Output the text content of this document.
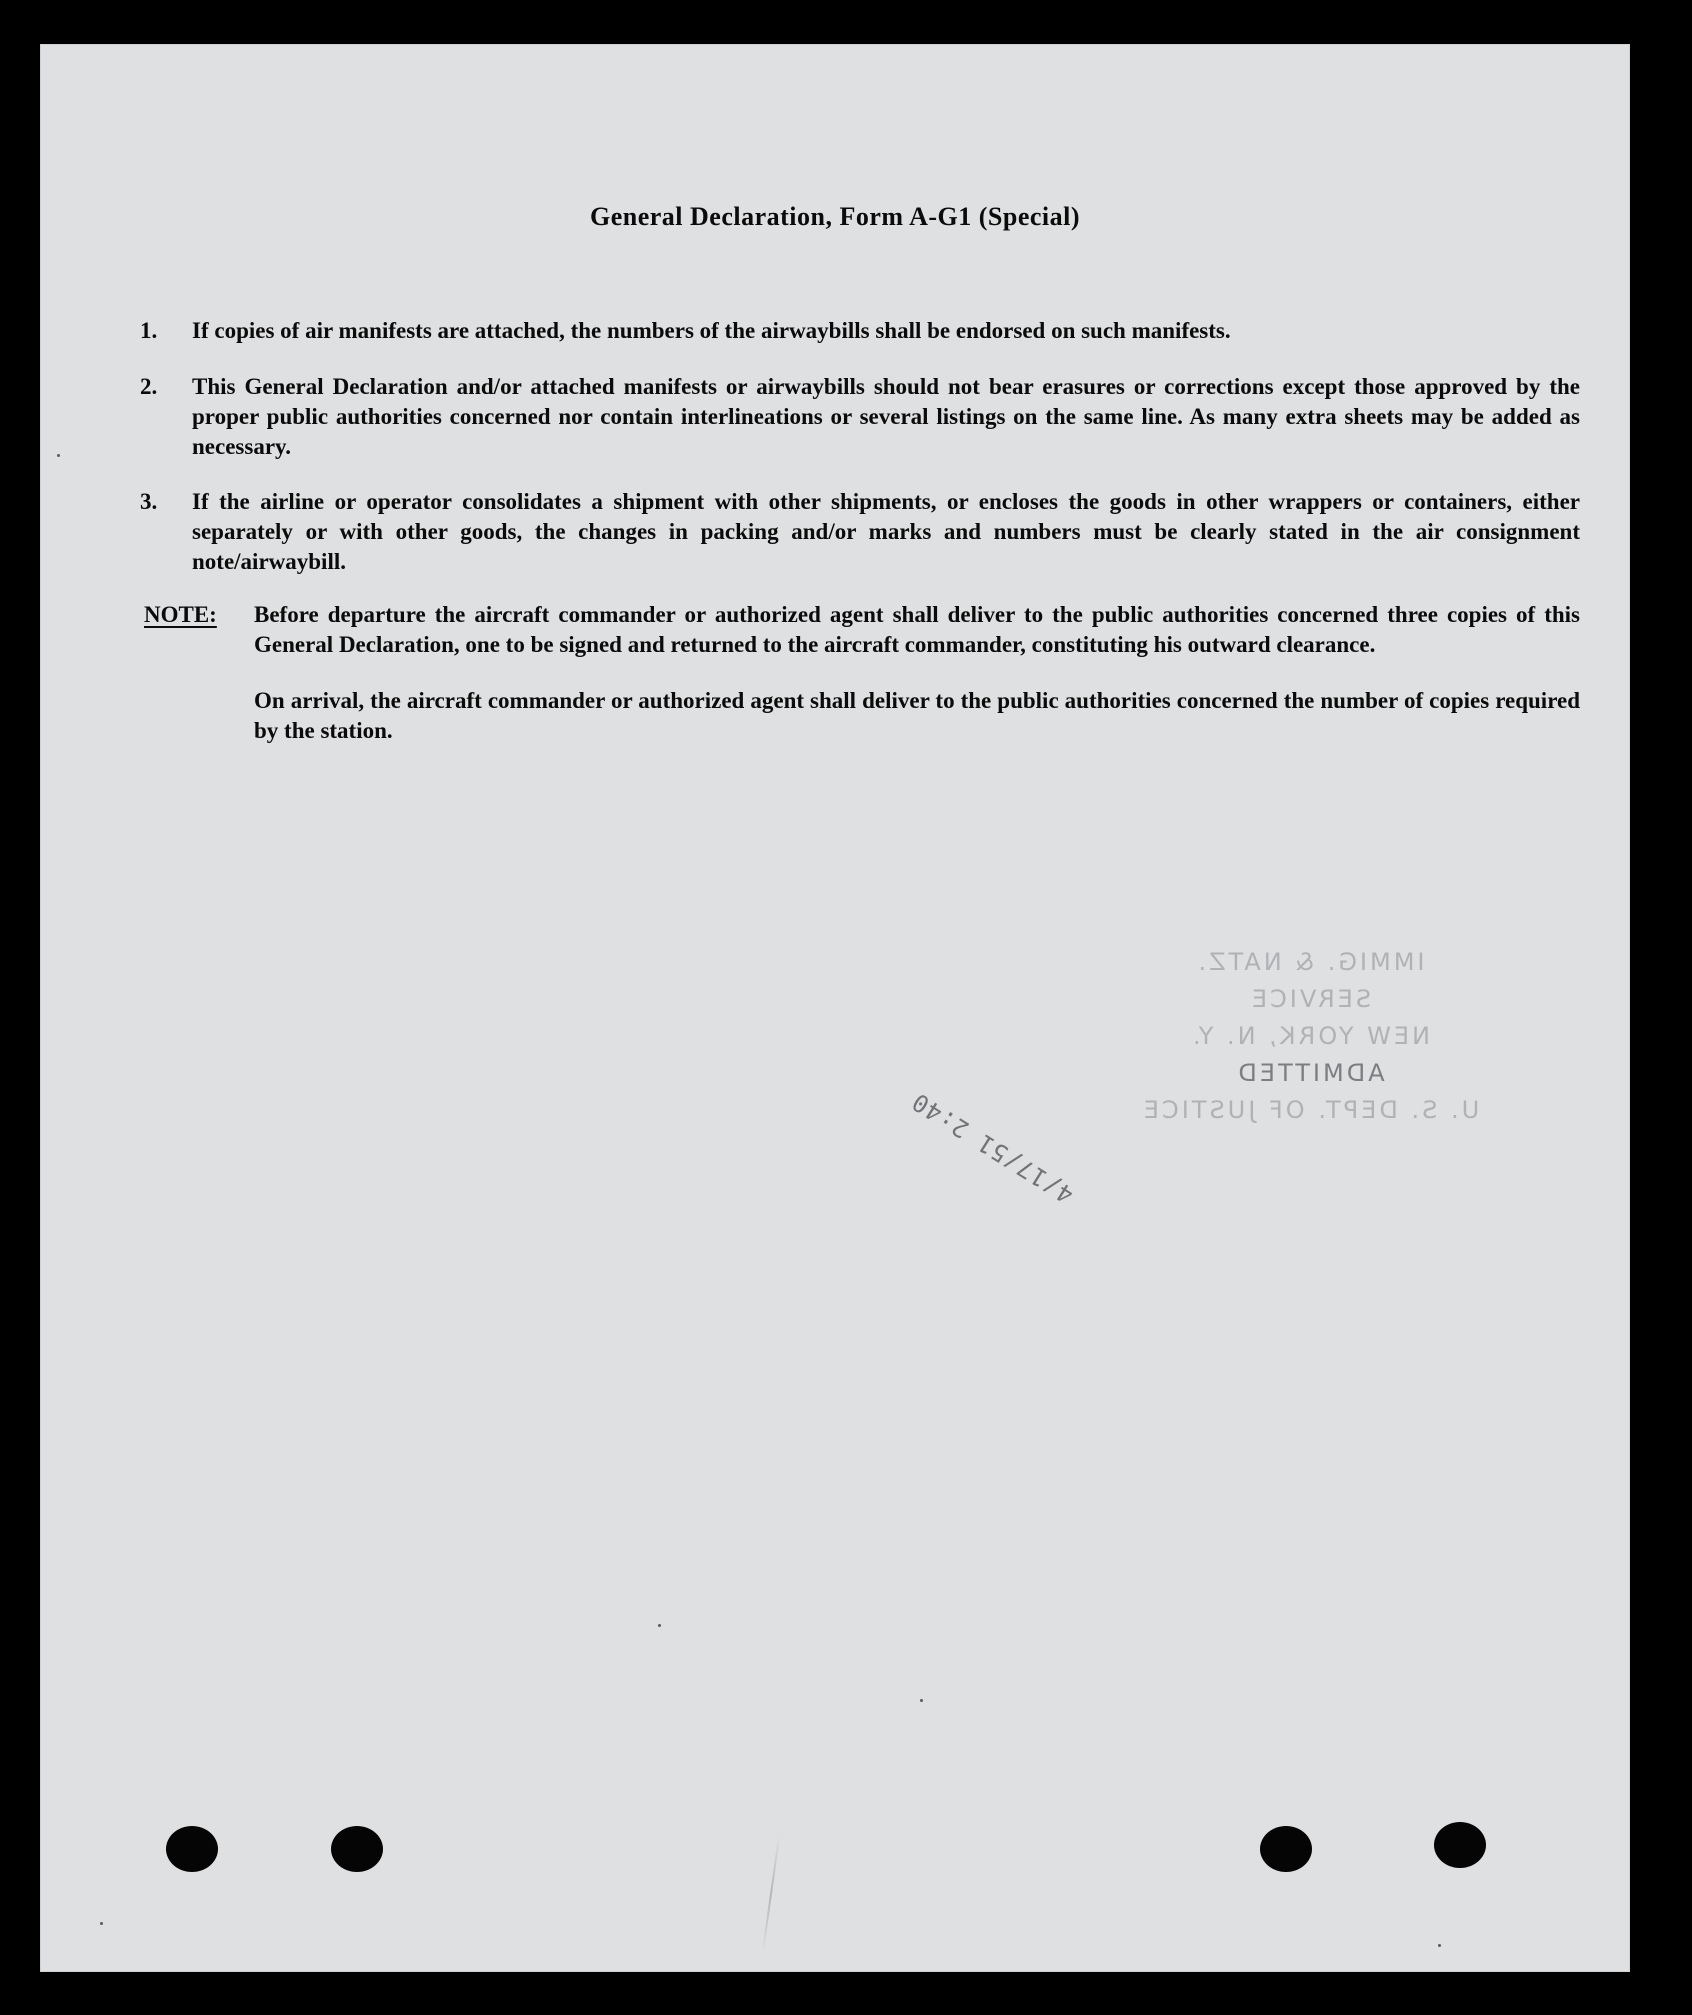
General Declaration, Form A-G1 (Special)
1.	If copies of air manifests are attached, the numbers of the airwaybills shall be endorsed on such manifests.
2.	This General Declaration and/or attached manifests or airwaybills should not bear erasures or corrections except those approved by the proper public authorities concerned nor contain interlineations or several listings on the same line. As many extra sheets may be added as necessary.
3.	If the airline or operator consolidates a shipment with other shipments, or encloses the goods in other wrappers or containers, either separately or with other goods, the changes in packing and/or marks and numbers must be clearly stated in the air consignment note/airwaybill.
NOTE: Before departure the aircraft commander or authorized agent shall deliver to the public authorities concerned three copies of this General Declaration, one to be signed and returned to the aircraft commander, constituting his outward clearance.
On arrival, the aircraft commander or authorized agent shall deliver to the public authorities concerned the number of copies required by the station.
IMMIG. & NATZ. SERVICE
NEW YORK, N. Y.
ADMITTED
U. S. DEPT. OF JUSTICE
4/17/51 2:40
